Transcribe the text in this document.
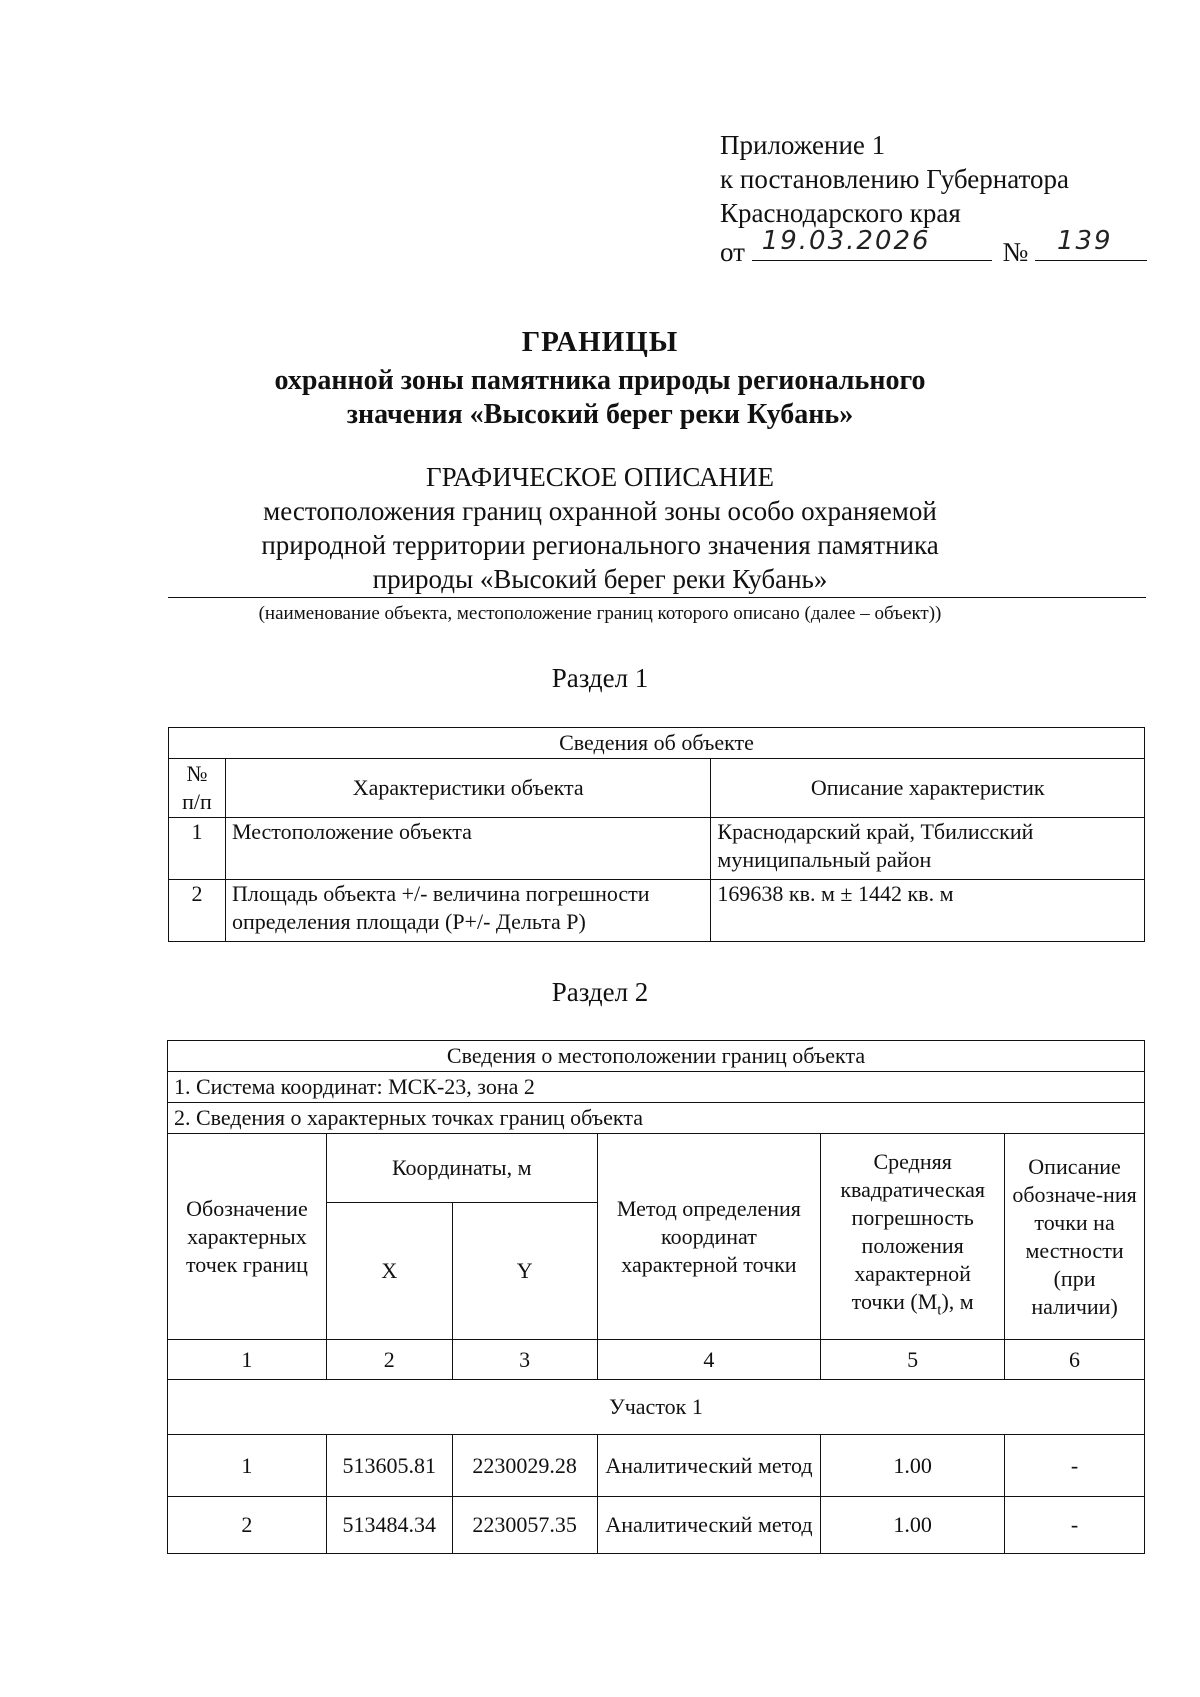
Приложение 1
к постановлению Губернатора
Краснодарского края
от 19.03.2026	№ 139
ГРАНИЦЫ
охранной зоны памятника природы регионального
значения «Высокий берег реки Кубань»
ГРАФИЧЕСКОЕ ОПИСАНИЕ
местоположения границ охранной зоны особо охраняемой
природной территории регионального значения памятника
природы «Высокий берег реки Кубань»
(наименование объекта, местоположение границ которого описано (далее – объект))
Раздел 1
Сведения об объекте		
№ п/п	Характеристики объекта	Описание характеристик
1	Местоположение объекта	Краснодарский край, Тбилисский муниципальный район
2	Площадь объекта +/- величина погрешности определения площади (P+/- Дельта P)	169638 кв. м ± 1442 кв. м
Раздел 2
Сведения о местоположении границ объекта					
1. Система координат: МСК-23, зона 2					
2. Сведения о характерных точках границ объекта					
Обозначение характерных точек границ	Координаты, м		Метод определения координат характерной точки	Средняя квадратическая погрешность положения характерной точки $(M_t)$, м	Описание обозначе-ния точки на местности (при наличии)
	X	Y			
1	2	3	4	5	6
Участок 1					
1	513605.81	2230029.28	Аналитический метод	1.00	-
2	513484.34	2230057.35	Аналитический метод	1.00	-
